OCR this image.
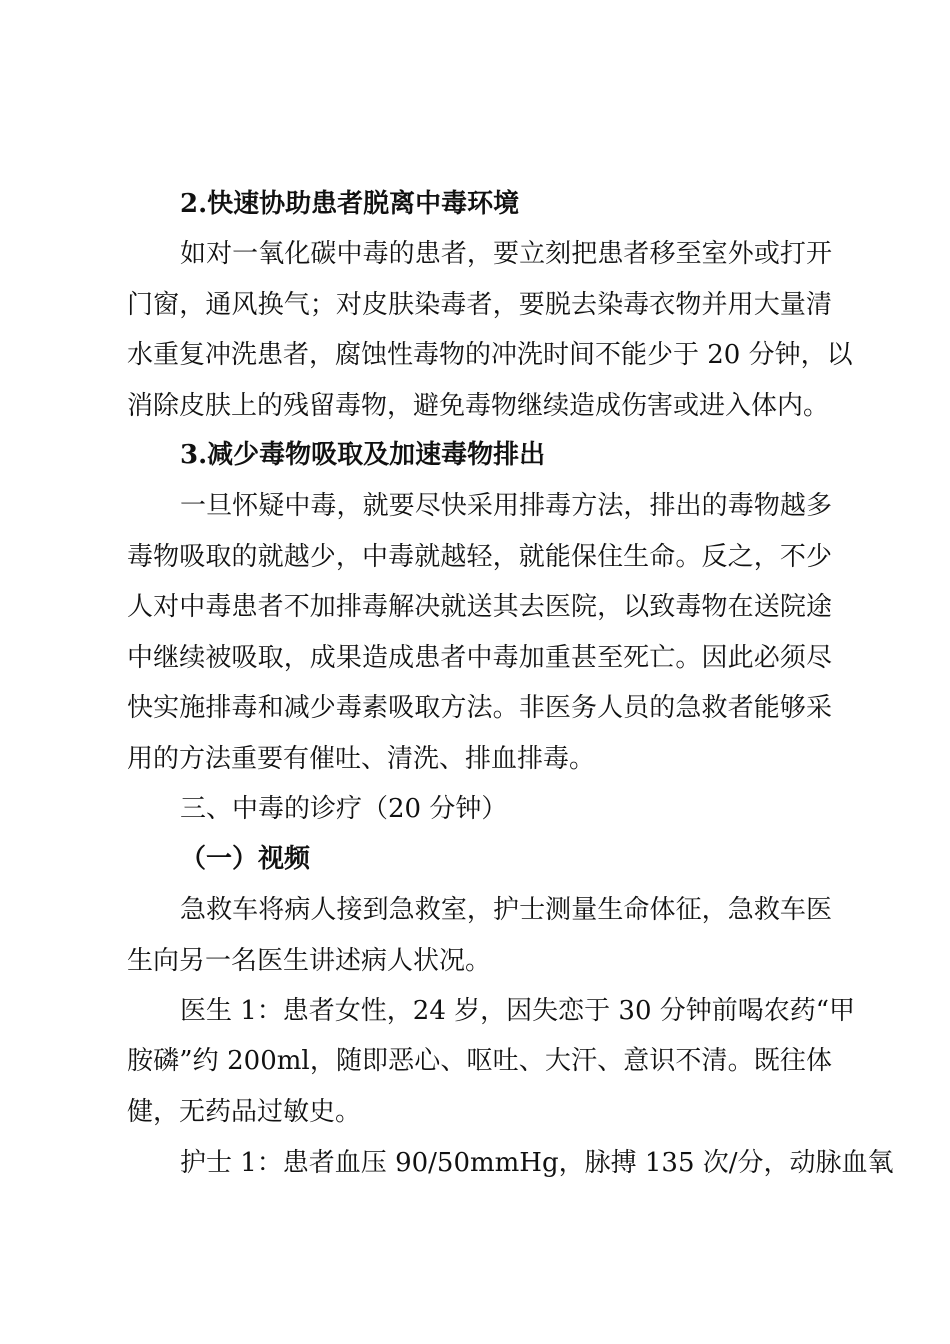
2.快速协助患者脱离中毒环境
如对一氧化碳中毒的患者，要立刻把患者移至室外或打开
门窗，通风换气；对皮肤染毒者，要脱去染毒衣物并用大量清
水重复冲洗患者，腐蚀性毒物的冲洗时间不能少于 20 分钟，以
消除皮肤上的残留毒物，避免毒物继续造成伤害或进入体内。
3.减少毒物吸取及加速毒物排出
一旦怀疑中毒，就要尽快采用排毒方法，排出的毒物越多
毒物吸取的就越少，中毒就越轻，就能保住生命。反之，不少
人对中毒患者不加排毒解决就送其去医院，以致毒物在送院途
中继续被吸取，成果造成患者中毒加重甚至死亡。因此必须尽
快实施排毒和减少毒素吸取方法。非医务人员的急救者能够采
用的方法重要有催吐、清洗、排血排毒。
三、中毒的诊疗（20 分钟）
（一）视频
急救车将病人接到急救室，护士测量生命体征，急救车医
生向另一名医生讲述病人状况。
医生 1：患者女性，24 岁，因失恋于 30 分钟前喝农药“甲
胺磷”约 200ml，随即恶心、呕吐、大汗、意识不清。既往体
健，无药品过敏史。
护士 1：患者血压 90/50mmHg，脉搏 135 次/分，动脉血氧
